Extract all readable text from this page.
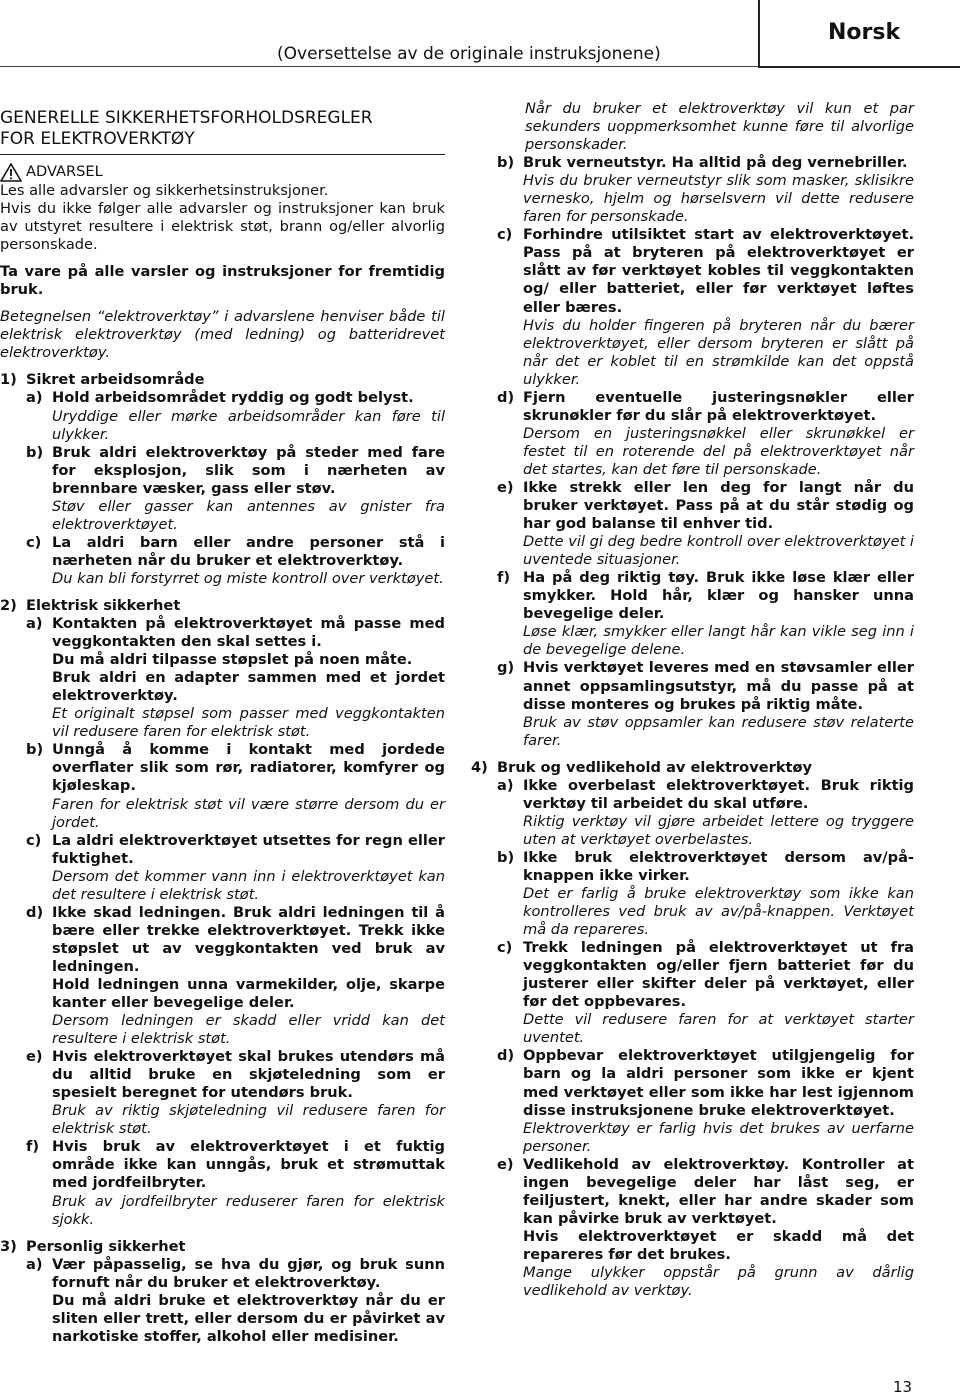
(Oversettelse av de originale instruksjonene)
Norsk
GENERELLE SIKKERHETSFORHOLDSREGLER
FOR ELEKTROVERKTØY
ADVARSEL

Les alle advarsler og sikkerhetsinstruksjoner.

Hvis du ikke følger alle advarsler og instruksjoner kan bruk av utstyret resultere i elektrisk støt, brann og/eller alvorlig personskade.

Ta vare på alle varsler og instruksjoner for fremtidig bruk.

Betegnelsen “elektroverktøy” i advarslene henviser både til elektrisk elektroverktøy (med ledning) og batteridrevet elektroverktøy.

1) Sikret arbeidsområde
a) Hold arbeidsområdet ryddig og godt belyst.

Uryddige eller mørke arbeidsområder kan føre til ulykker.

b) Bruk aldri elektroverktøy på steder med fare for eksplosjon, slik som i nærheten av brennbare væsker, gass eller støv.

Støv eller gasser kan antennes av gnister fra elektroverktøyet.

c) La aldri barn eller andre personer stå i nærheten når du bruker et elektroverktøy.

Du kan bli forstyrret og miste kontroll over verktøyet.

2) Elektrisk sikkerhet
a) Kontakten på elektroverktøyet må passe med veggkontakten den skal settes i.

Du må aldri tilpasse støpslet på noen måte.

Bruk aldri en adapter sammen med et jordet elektroverktøy.

Et originalt støpsel som passer med veggkontakten vil redusere faren for elektrisk støt.

b) Unngå å komme i kontakt med jordede overflater slik som rør, radiatorer, komfyrer og kjøleskap.

Faren for elektrisk støt vil være større dersom du er jordet.

c) La aldri elektroverktøyet utsettes for regn eller fuktighet.

Dersom det kommer vann inn i elektroverktøyet kan det resultere i elektrisk støt.

d) Ikke skad ledningen. Bruk aldri ledningen til å bære eller trekke elektroverktøyet. Trekk ikke støpslet ut av veggkontakten ved bruk av ledningen.

Hold ledningen unna varmekilder, olje, skarpe kanter eller bevegelige deler.

Dersom ledningen er skadd eller vridd kan det resultere i elektrisk støt.

e) Hvis elektroverktøyet skal brukes utendørs må du alltid bruke en skjøteledning som er spesielt beregnet for utendørs bruk.

Bruk av riktig skjøteledning vil redusere faren for elektrisk støt.

f) Hvis bruk av elektroverktøyet i et fuktig område ikke kan unngås, bruk et strømuttak med jordfeilbryter.

Bruk av jordfeilbryter reduserer faren for elektrisk sjokk.

3) Personlig sikkerhet
a) Vær påpasselig, se hva du gjør, og bruk sunn fornuft når du bruker et elektroverktøy.

Du må aldri bruke et elektroverktøy når du er sliten eller trett, eller dersom du er påvirket av narkotiske stoffer, alkohol eller medisiner.

Når du bruker et elektroverktøy vil kun et par sekunders uoppmerksomhet kunne føre til alvorlige personskader.

b) Bruk verneutstyr. Ha alltid på deg vernebriller.

Hvis du bruker verneutstyr slik som masker, sklisikre vernesko, hjelm og hørselsvern vil dette redusere faren for personskade.

c) Forhindre utilsiktet start av elektroverktøyet. Pass på at bryteren på elektroverktøyet er slått av før verktøyet kobles til veggkontakten og/ eller batteriet, eller før verktøyet løftes eller bæres.

Hvis du holder fingeren på bryteren når du bærer elektroverktøyet, eller dersom bryteren er slått på når det er koblet til en strømkilde kan det oppstå ulykker.

d) Fjern eventuelle justeringsnøkler eller skrunøkler før du slår på elektroverktøyet.

Dersom en justeringsnøkkel eller skrunøkkel er festet til en roterende del på elektroverktøyet når det startes, kan det føre til personskade.

e) Ikke strekk eller len deg for langt når du bruker verktøyet. Pass på at du står stødig og har god balanse til enhver tid.

Dette vil gi deg bedre kontroll over elektroverktøyet i uventede situasjoner.

f) Ha på deg riktig tøy. Bruk ikke løse klær eller smykker. Hold hår, klær og hansker unna bevegelige deler.

Løse klær, smykker eller langt hår kan vikle seg inn i de bevegelige delene.

g) Hvis verktøyet leveres med en støvsamler eller annet oppsamlingsutstyr, må du passe på at disse monteres og brukes på riktig måte.

Bruk av støv oppsamler kan redusere støv relaterte farer.

4) Bruk og vedlikehold av elektroverktøy
a) Ikke overbelast elektroverktøyet. Bruk riktig verktøy til arbeidet du skal utføre.

Riktig verktøy vil gjøre arbeidet lettere og tryggere uten at verktøyet overbelastes.

b) Ikke bruk elektroverktøyet dersom av/på-knappen ikke virker.

Det er farlig å bruke elektroverktøy som ikke kan kontrolleres ved bruk av av/på-knappen. Verktøyet må da repareres.

c) Trekk ledningen på elektroverktøyet ut fra veggkontakten og/eller fjern batteriet før du justerer eller skifter deler på verktøyet, eller før det oppbevares.

Dette vil redusere faren for at verktøyet starter uventet.

d) Oppbevar elektroverktøyet utilgjengelig for barn og la aldri personer som ikke er kjent med verktøyet eller som ikke har lest igjennom disse instruksjonene bruke elektroverktøyet.

Elektroverktøy er farlig hvis det brukes av uerfarne personer.

e) Vedlikehold av elektroverktøy. Kontroller at ingen bevegelige deler har låst seg, er feiljustert, knekt, eller har andre skader som kan påvirke bruk av verktøyet.

Hvis elektroverktøyet er skadd må det repareres før det brukes.

Mange ulykker oppstår på grunn av dårlig vedlikehold av verktøy.

13
